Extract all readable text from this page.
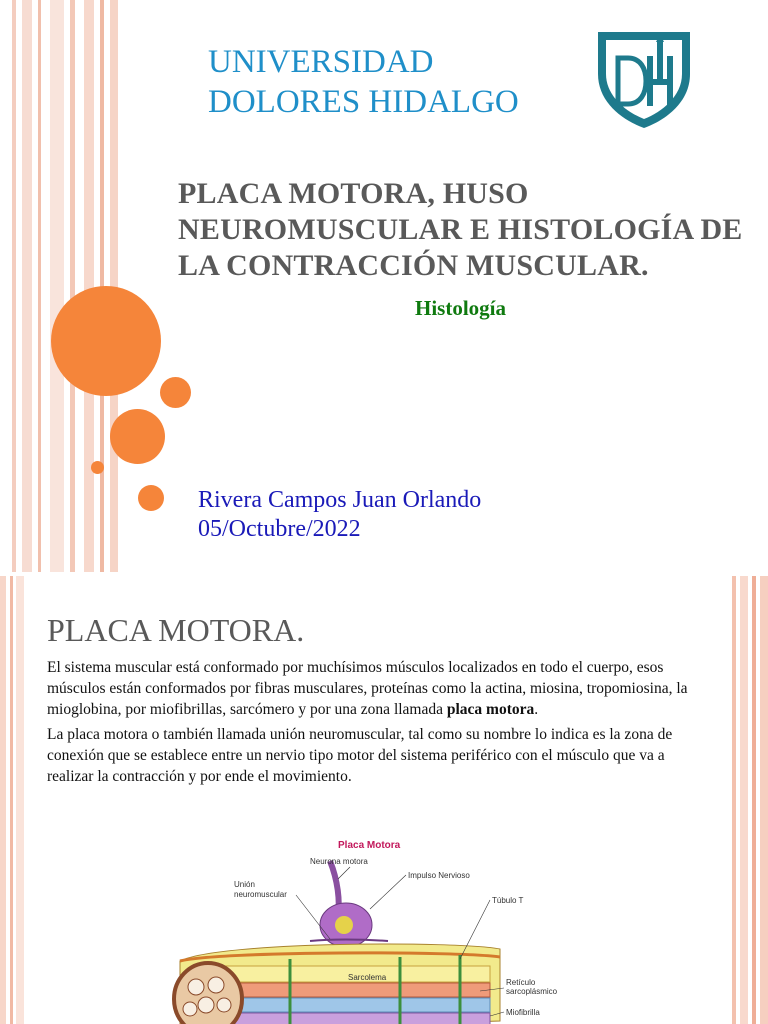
UNIVERSIDAD
DOLORES HIDALGO
PLACA MOTORA, HUSO NEUROMUSCULAR E HISTOLOGÍA DE LA CONTRACCIÓN MUSCULAR.
Histología
Rivera Campos Juan Orlando
05/Octubre/2022
PLACA MOTORA.

El sistema muscular está conformado por muchísimos músculos localizados en todo el cuerpo, esos músculos están conformados por fibras musculares, proteínas como la actina, miosina, tropomiosina, la mioglobina, por miofibrillas, sarcómero y por una zona llamada placa motora.

La placa motora o también llamada unión neuromuscular, tal como su nombre lo indica es la zona de conexión que se establece entre un nervio tipo motor del sistema periférico con el músculo que va a realizar la contracción y por ende el movimiento.

Placa Motora
Neurona motora
Impulso Nervioso
Unión
neuromuscular
Túbulo T
Sarcolema
Retículo
sarcoplásmico
Miofibrilla
